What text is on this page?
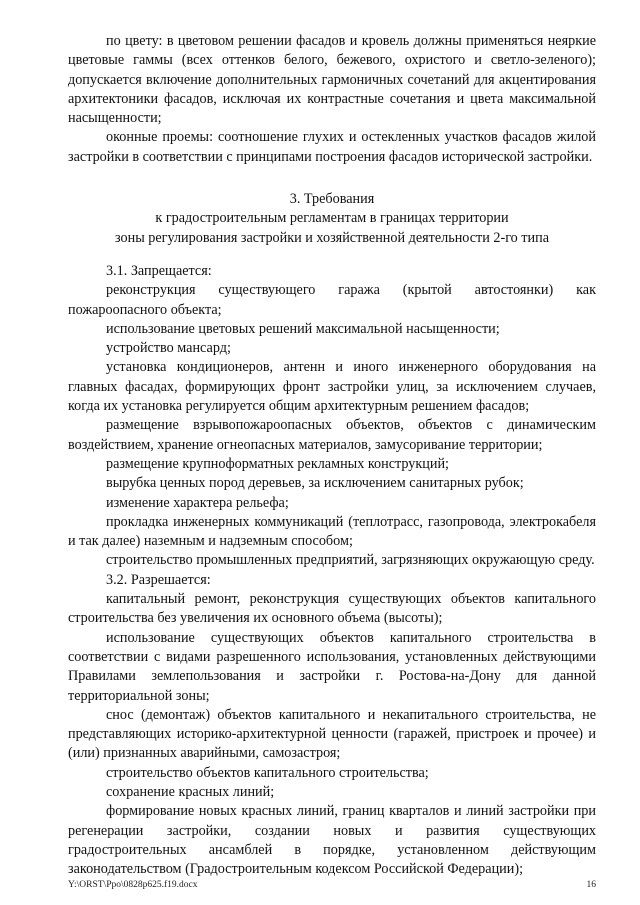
по цвету: в цветовом решении фасадов и кровель должны применяться неяркие цветовые гаммы (всех оттенков белого, бежевого, охристого и светло-зеленого); допускается включение дополнительных гармоничных сочетаний для акцентирования архитектоники фасадов, исключая их контрастные сочетания и цвета максимальной насыщенности;

оконные проемы: соотношение глухих и остекленных участков фасадов жилой застройки в соответствии с принципами построения фасадов исторической застройки.

3. Требования

к градостроительным регламентам в границах территории

зоны регулирования застройки и хозяйственной деятельности 2-го типа

3.1. Запрещается:

реконструкция существующего гаража (крытой автостоянки) как пожароопасного объекта;

использование цветовых решений максимальной насыщенности;

устройство мансард;

установка кондиционеров, антенн и иного инженерного оборудования на главных фасадах, формирующих фронт застройки улиц, за исключением случаев, когда их установка регулируется общим архитектурным решением фасадов;

размещение взрывопожароопасных объектов, объектов с динамическим воздействием, хранение огнеопасных материалов, замусоривание территории;

размещение крупноформатных рекламных конструкций;

вырубка ценных пород деревьев, за исключением санитарных рубок;

изменение характера рельефа;

прокладка инженерных коммуникаций (теплотрасс, газопровода, электрокабеля и так далее) наземным и надземным способом;

строительство промышленных предприятий, загрязняющих окружающую среду.

3.2. Разрешается:

капитальный ремонт, реконструкция существующих объектов капитального строительства без увеличения их основного объема (высоты);

использование существующих объектов капитального строительства в соответствии с видами разрешенного использования, установленных действующими Правилами землепользования и застройки г. Ростова-на-Дону для данной территориальной зоны;

снос (демонтаж) объектов капитального и некапитального строительства, не представляющих историко-архитектурной ценности (гаражей, пристроек и прочее) и (или) признанных аварийными, самозастроя;

строительство объектов капитального строительства;

сохранение красных линий;

формирование новых красных линий, границ кварталов и линий застройки при регенерации застройки, создании новых и развития существующих градостроительных ансамблей в порядке, установленном действующим законодательством (Градостроительным кодексом Российской Федерации);

Y:\ORST\Ppo\0828p625.f19.docx	16
